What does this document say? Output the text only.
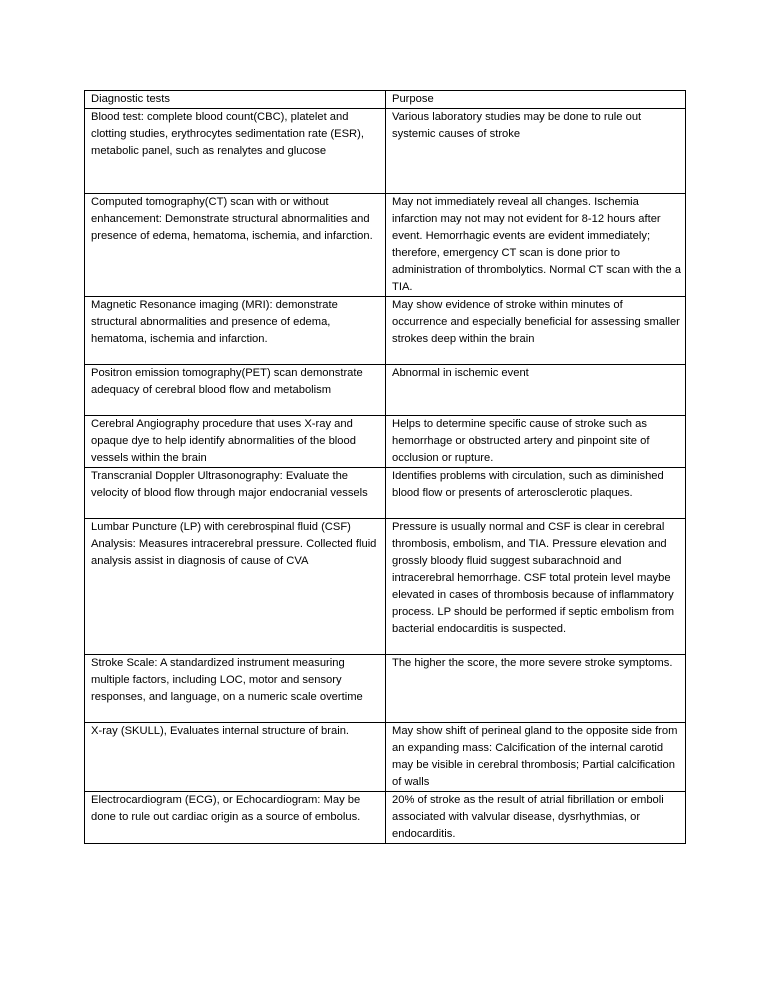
Diagnostic tests	Purpose
Blood test: complete blood count(CBC), platelet and clotting studies, erythrocytes sedimentation rate (ESR), metabolic panel, such as renalytes and glucose	Various laboratory studies may be done to rule out systemic causes of stroke
Computed tomography(CT) scan with or without enhancement: Demonstrate structural abnormalities and presence of edema, hematoma, ischemia, and infarction.	May not immediately reveal all changes. Ischemia infarction may not may not evident for 8-12 hours after event. Hemorrhagic events are evident immediately; therefore, emergency CT scan is done prior to administration of thrombolytics. Normal CT scan with the a TIA.
Magnetic Resonance imaging (MRI): demonstrate structural abnormalities and presence of edema, hematoma, ischemia and infarction.	May show evidence of stroke within minutes of occurrence and especially beneficial for assessing smaller strokes deep within the brain
Positron emission tomography(PET) scan demonstrate adequacy of cerebral blood flow and metabolism	Abnormal in ischemic event
Cerebral Angiography procedure that uses X-ray and opaque dye to help identify abnormalities of the blood vessels within the brain	Helps to determine specific cause of stroke such as hemorrhage or obstructed artery and pinpoint site of occlusion or rupture.
Transcranial Doppler Ultrasonography: Evaluate the velocity of blood flow through major endocranial vessels	Identifies problems with circulation, such as diminished blood flow or presents of arterosclerotic plaques.
Lumbar Puncture (LP) with cerebrospinal fluid (CSF) Analysis: Measures intracerebral pressure. Collected fluid analysis assist in diagnosis of cause of CVA	Pressure is usually normal and CSF is clear in cerebral thrombosis, embolism, and TIA. Pressure elevation and grossly bloody fluid suggest subarachnoid and intracerebral hemorrhage. CSF total protein level maybe elevated in cases of thrombosis because of inflammatory process. LP should be performed if septic embolism from bacterial endocarditis is suspected.
Stroke Scale: A standardized instrument measuring multiple factors, including LOC, motor and sensory responses, and language, on a numeric scale overtime	The higher the score, the more severe stroke symptoms.
X-ray (SKULL), Evaluates internal structure of brain.	May show shift of perineal gland to the opposite side from an expanding mass: Calcification of the internal carotid may be visible in cerebral thrombosis; Partial calcification of walls
Electrocardiogram (ECG), or Echocardiogram: May be done to rule out cardiac origin as a source of embolus.	20% of stroke as the result of atrial fibrillation or emboli associated with valvular disease, dysrhythmias, or endocarditis.
